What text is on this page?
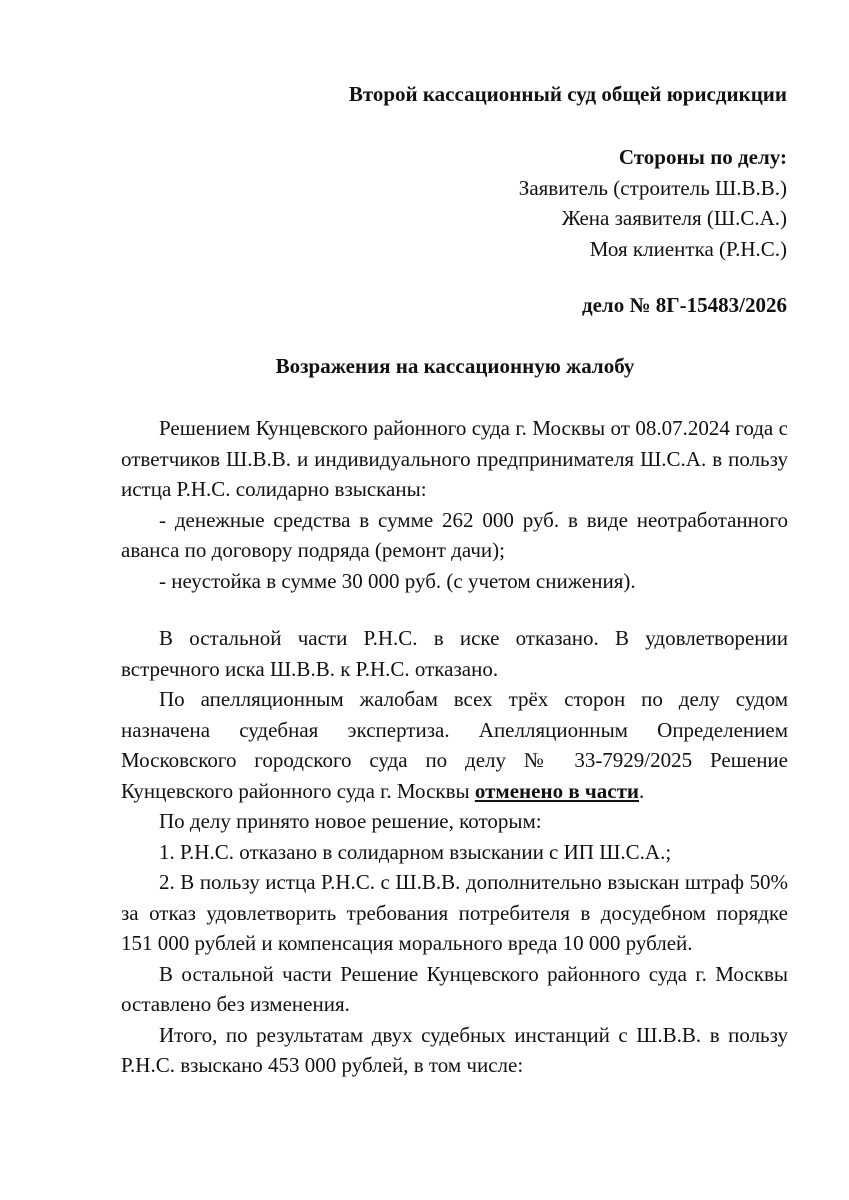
Второй кассационный суд общей юрисдикции
Стороны по делу:
Заявитель (строитель Ш.В.В.)
Жена заявителя (Ш.С.А.)
Моя клиентка (Р.Н.С.)
дело № 8Г-15483/2026
Возражения на кассационную жалобу

Решением Кунцевского районного суда г. Москвы от 08.07.2024 года с ответчиков Ш.В.В. и индивидуального предпринимателя Ш.С.А. в пользу истца Р.Н.С. солидарно взысканы:

- денежные средства в сумме 262 000 руб. в виде неотработанного аванса по договору подряда (ремонт дачи);

- неустойка в сумме 30 000 руб. (с учетом снижения).

В остальной части Р.Н.С. в иске отказано. В удовлетворении встречного иска Ш.В.В. к Р.Н.С. отказано.

По апелляционным жалобам всех трёх сторон по делу судом назначена судебная экспертиза. Апелляционным Определением Московского городского суда по делу № 33-7929/2025 Решение Кунцевского районного суда г. Москвы отменено в части.

По делу принято новое решение, которым:

1. Р.Н.С. отказано в солидарном взыскании с ИП Ш.С.А.;

2. В пользу истца Р.Н.С. с Ш.В.В. дополнительно взыскан штраф 50% за отказ удовлетворить требования потребителя в досудебном порядке 151 000 рублей и компенсация морального вреда 10 000 рублей.

В остальной части Решение Кунцевского районного суда г. Москвы оставлено без изменения.

Итого, по результатам двух судебных инстанций с Ш.В.В. в пользу Р.Н.С. взыскано 453 000 рублей, в том числе:
